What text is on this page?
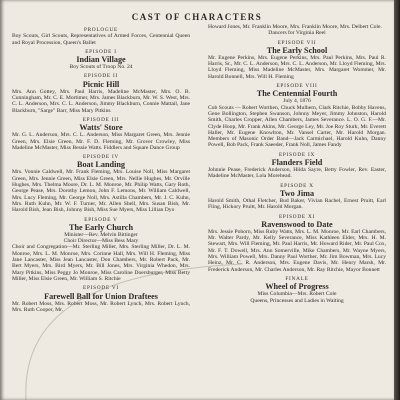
CAST OF CHARACTERS
PROLOGUE
Boy Scouts, Girl Scouts, Representatives of Armed Forces, Centennial Queen and Royal Procession, Queen's Ballet
EPISODE I
Indian Village
Boy Scouts of Troop No. 24
EPISODE II
Picnic Hill
Mrs. Ann Gottey, Mrs. Paul Harris, Madeline McMaster, Mrs. O. B. Cunningham, Mr. C. E. Mortimer, Mrs. James Blackburn, Mr. W. S. West, Mrs. C. L. Anderson, Mrs. C. L. Anderson, Jimmy Blackburn, Connie Mattail, Jane Blackburn, "Sarge" Barr, Miss Mary Pitkins
EPISODE III
Watts' Store
Mr. G. L. Anderson, Mrs. C. L. Anderson, Miss Margaret Green, Mrs. Jennie Green, Mrs. Elsie Green, Mr. F. D. Fleming, Mr. Grover Crowley, Miss Madeline McMaster, Miss Bessie Watts. Fiddlers and Square Dance Group
EPISODE IV
Boat Landing
Mrs. Vonnie Caldwell, Mr. Frank Fleming, Mrs. Louise Noll, Miss Margaret Green, Mrs. Jennie Green, Miss Elsie Green, Mrs. Nellie Hughes, Mr. Orville Hughes, Mrs. Thelma Moore, Dr. L. M. Monroe, Mr. Philip Watts, Gary Roth, George Pease, Mrs. Dorothy Lemon, John F. Lemons, Mr. William Caldwell, Mrs. Lucy Fleming, Mr. George Noll, Mrs. Astilla Chambers, Mr. J. C. Kuhn, Mrs. Ruth Kuhn, Mr. W. F. Turner, Mr. Allen Shell, Mrs. Susan Bish, Mr. Harold Bish, Jean Bish, Johnny Bish, Miss Sue Myers, Miss Lillian Dyo
EPISODE V
The Early Church
Minister—Rev. Melvin Bittinger
Choir Director—Miss Bess Mary
Choir and Congregation—Mr. Sterling Miller, Mrs. Sterling Miller, Dr. L. M. Monroe, Mrs. L. M. Monroe, Mrs. Corinne Hall, Mrs. Will H. Fleming, Miss Jane Lancaster, Miss Jean Lancaster, Don Chambers, Mr. Robert Pack, Mr. Bert Myers, Mrs. Bird Myers, Mr. Bill Jones, Mrs. Virginia Whedon, Mrs. Mary Pitkins, Miss Peggy Jo Monroe, Miss Caroline Doersburger, Miss Betty Miller, Miss Elsie Green, Mr. William S. Ritchie
EPISODE VI
Farewell Ball for Union Draftees
Mr. Robert Moss, Mrs. Robert Moss, Mr. Robert Lynch, Mrs. Robert Lynch, Mrs. Ruth Cooper, Mr.
Howard Jones, Mr. Franklin Moore, Mrs. Franklin Moore, Mrs. Delbert Cole.
Dancers for Virginia Reel
EPISODE VII
The Early School
Mr. Eugene Perkins, Mrs. Eugene Perkins, Mrs. Paul Perkins, Mrs. Paul R. Harris, Sr., Mr. C. L. Anderson, Mrs. C. L. Anderson, Mr. Lloyd Fleming, Mrs. Lloyd Fleming, Miss Madeline McMaster, Mrs. Margaret Wommer, Mr. Harold Bonnell, Mrs. Will H. Fleming
EPISODE VIII
The Centennial Fourth
July 4, 1876
Cub Scouts — Robert Worthen, Chuck Mulhern, Clark Ritchie, Bobby Havens, Gene Bollington, Stephen Swanson, Johnny Meyer, Jimmy Johnston, Harold Smith, Charles Cropper, Allen Chambers, James Severance. L. O. G. F.—Mr. Clyde Hoop, Mr. Frank Akins, Mr. George Ley, Mr. Joe Roy Sturk, Mr. Everett Haller, Mr. Eugene Knowlton, Mr. Vansel Carter, Mr. Harold Morgan. Members of Masonic Order Band—Jack Carmichael, Harold Kuhn, Danny Powell, Bob Pack, Frank Saeeder, Frank Noll, James Fandy
EPISODE IX
Flanders Field
Johnnie Pease, Frederick Anderson, Hilda Sayre, Betty Fowler, Rev. Easter, Madeline McMaster, Lola Morehead.
EPISODE X
Two Jima
Harold Smith, Othal Fletcher, Bud Baker, Vivian Rachel, Ernest Pruitt, Earl Fling, Hickory Pruitt, Mr. Harold Morgan.
EPISODE XI
Ravenswood to Date
Mrs. Jessie Pohorn, Miss Ruby Watts, Mrs. L. M. Monroe, Mr. Earl Chambers, Mr. Walter Pardy, Mr. Kelly Severance, Miss Kathleen Elder, Mrs. H. M. Stewart, Mrs. Will Fleming, Mr. Paul Harris, Mr. Howard Rider, Mr. Paul Cox, Mr. F. T. Dowell, Mrs. Ann Somerville, Mike Chambers, Mr. Wayne Myers, Mrs. William Powell, Mrs. Danny Paul Worther, Mr. Jim Bowman, Mrs. Lucy Heinz, Mr. C. R. Anderson, Mrs. Eugene Davis, Mr. Henry Marsh, Mr. Frederick Anderson, Mr. Charles Anderson, Mr. Ray Ritchie, Mayor Bonnett
FINALE
Wheel of Progress
Miss Columbia—Mrs. Robert Cole
Queens, Princesses and Ladies in Waiting
